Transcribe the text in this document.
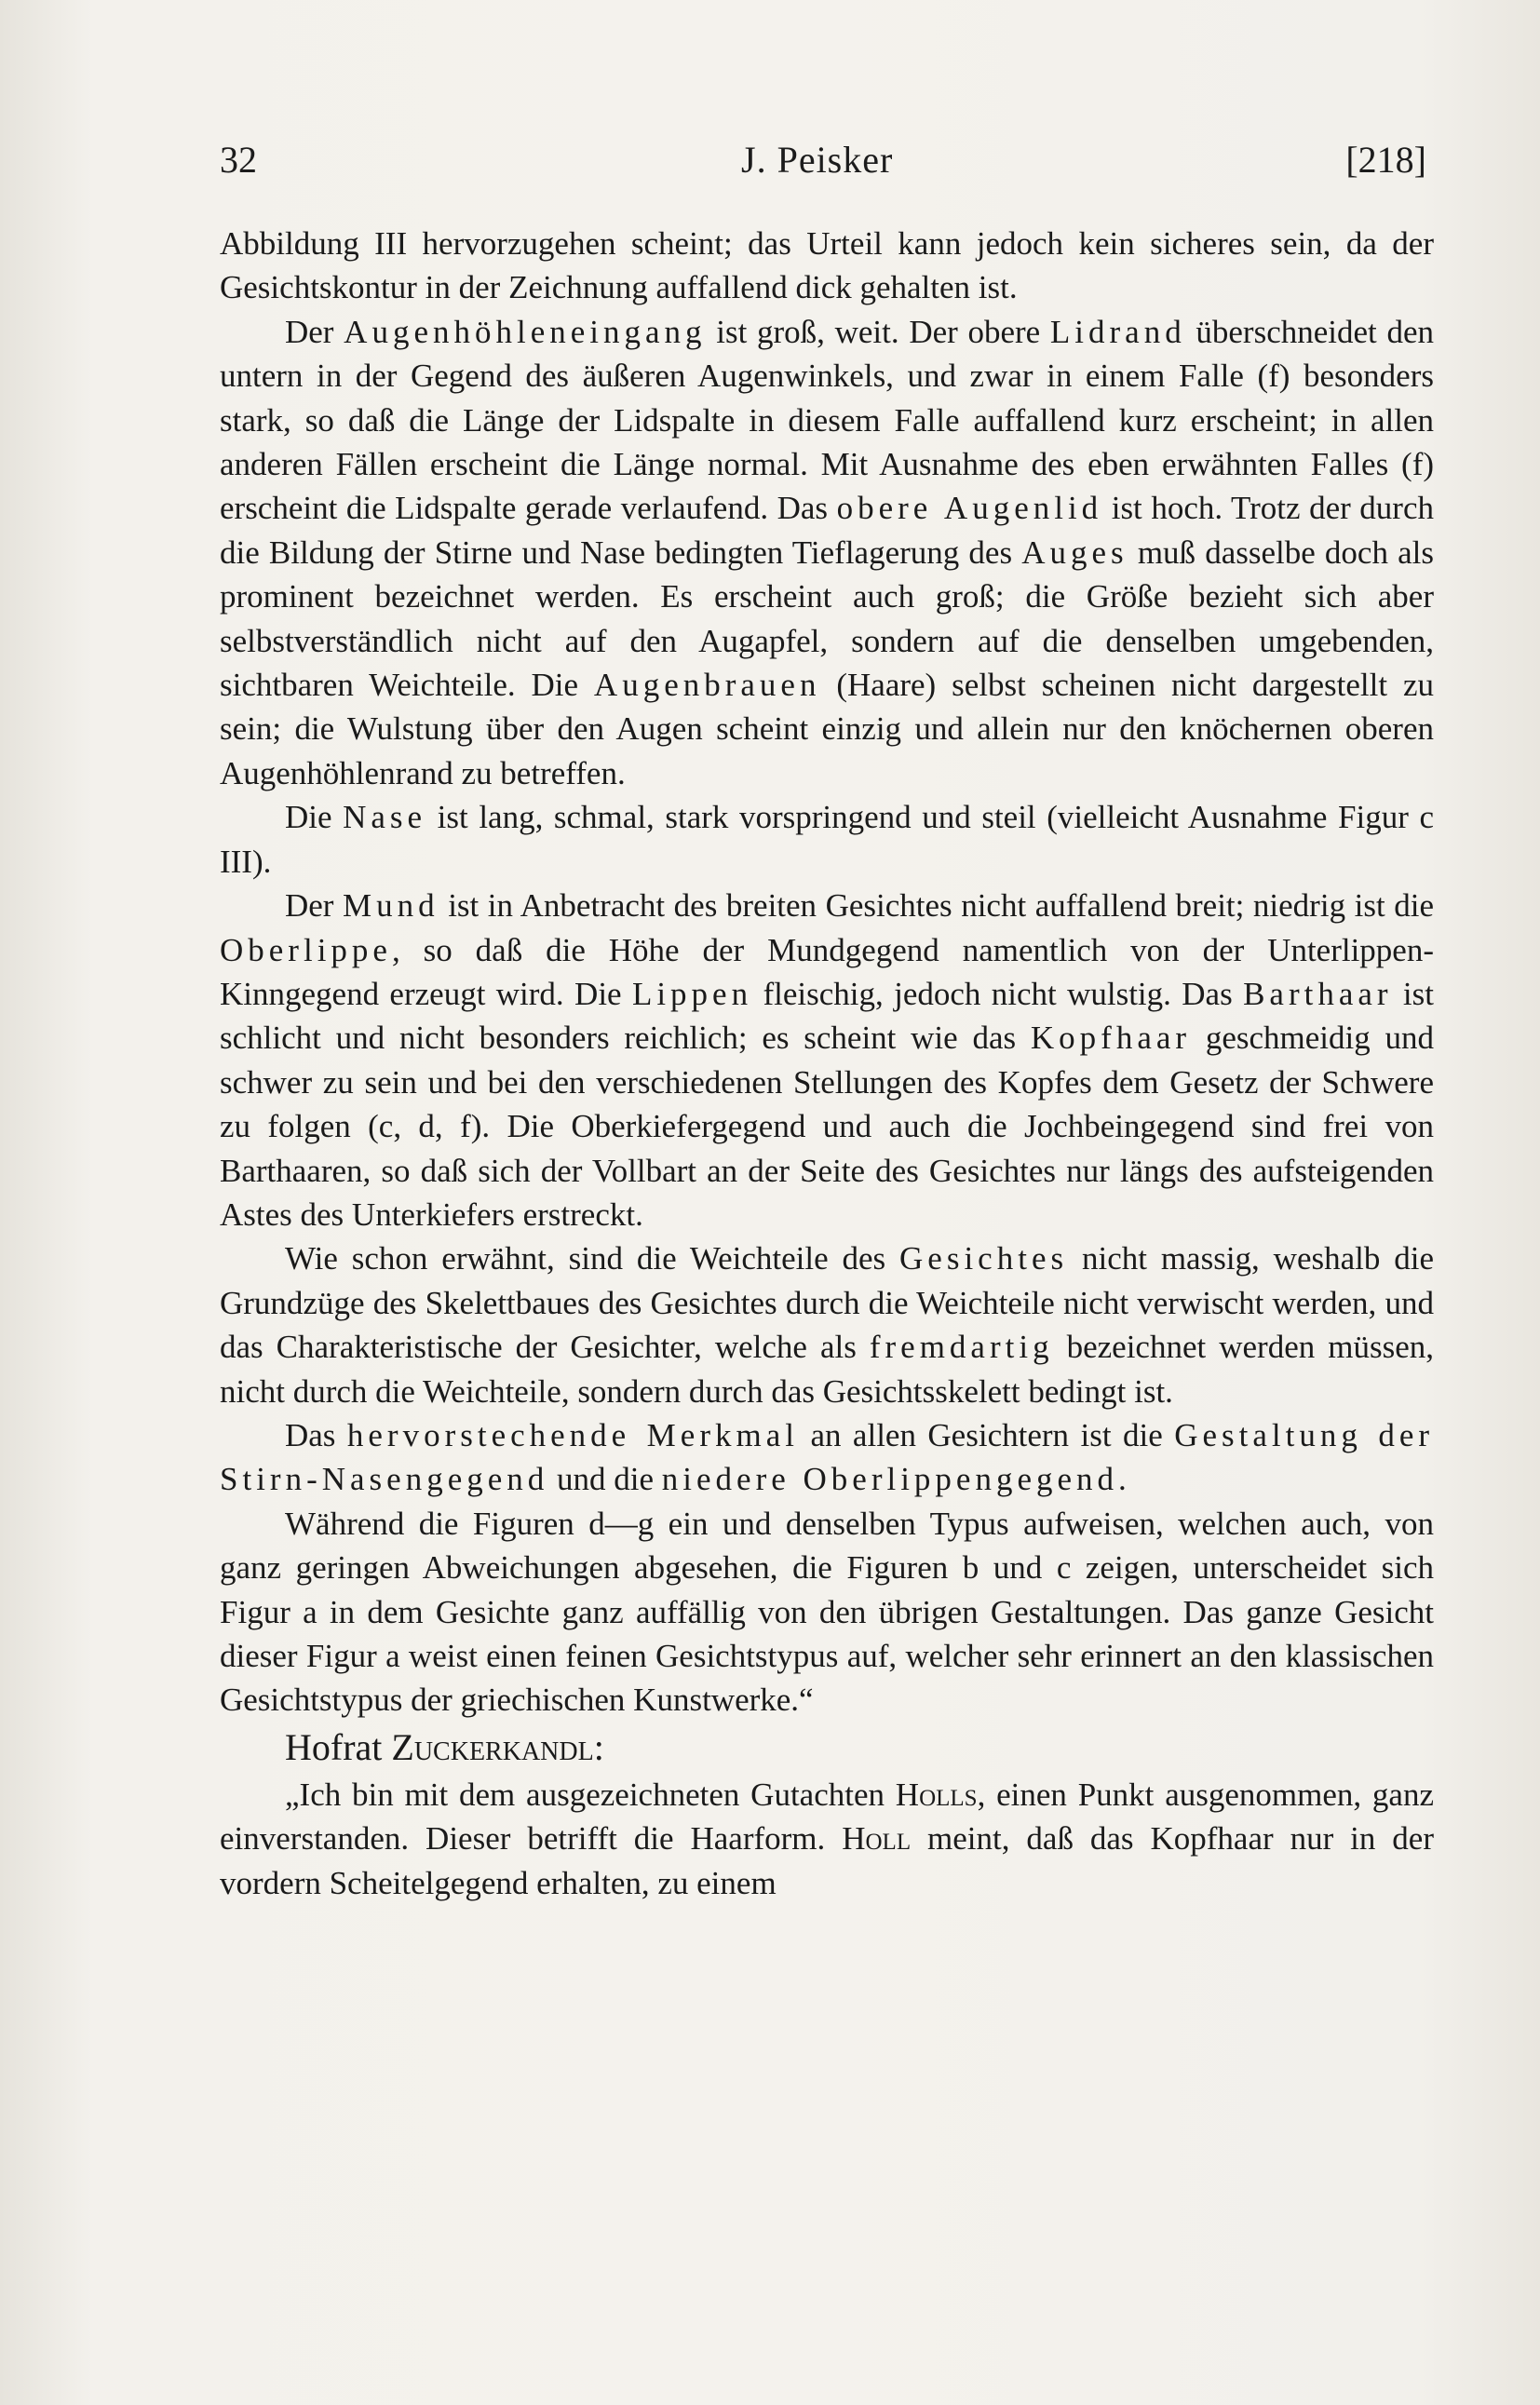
32	J. Peisker	[218]

Abbildung III hervorzugehen scheint; das Urteil kann jedoch kein sicheres sein, da der Gesichtskontur in der Zeichnung auffallend dick gehalten ist.

Der Augenhöhleneingang ist groß, weit. Der obere Lidrand überschneidet den untern in der Gegend des äußeren Augenwinkels, und zwar in einem Falle (f) besonders stark, so daß die Länge der Lidspalte in diesem Falle auffallend kurz erscheint; in allen anderen Fällen erscheint die Länge normal. Mit Ausnahme des eben erwähnten Falles (f) erscheint die Lidspalte gerade verlaufend. Das obere Augenlid ist hoch. Trotz der durch die Bildung der Stirne und Nase bedingten Tieflagerung des Auges muß dasselbe doch als prominent bezeichnet werden. Es erscheint auch groß; die Größe bezieht sich aber selbstverständlich nicht auf den Augapfel, sondern auf die denselben umgebenden, sichtbaren Weichteile. Die Augenbrauen (Haare) selbst scheinen nicht dargestellt zu sein; die Wulstung über den Augen scheint einzig und allein nur den knöchernen oberen Augenhöhlenrand zu betreffen.

Die Nase ist lang, schmal, stark vorspringend und steil (vielleicht Ausnahme Figur c III).

Der Mund ist in Anbetracht des breiten Gesichtes nicht auffallend breit; niedrig ist die Oberlippe, so daß die Höhe der Mundgegend namentlich von der Unterlippen-Kinngegend erzeugt wird. Die Lippen fleischig, jedoch nicht wulstig. Das Barthaar ist schlicht und nicht besonders reichlich; es scheint wie das Kopfhaar geschmeidig und schwer zu sein und bei den verschiedenen Stellungen des Kopfes dem Gesetz der Schwere zu folgen (c, d, f). Die Oberkiefergegend und auch die Jochbeingegend sind frei von Barthaaren, so daß sich der Vollbart an der Seite des Gesichtes nur längs des aufsteigenden Astes des Unterkiefers erstreckt.

Wie schon erwähnt, sind die Weichteile des Gesichtes nicht massig, weshalb die Grundzüge des Skelettbaues des Gesichtes durch die Weichteile nicht verwischt werden, und das Charakteristische der Gesichter, welche als fremdartig bezeichnet werden müssen, nicht durch die Weichteile, sondern durch das Gesichtsskelett bedingt ist.

Das hervorstechende Merkmal an allen Gesichtern ist die Gestaltung der Stirn-Nasengegend und die niedere Oberlippengegend.

Während die Figuren d—g ein und denselben Typus aufweisen, welchen auch, von ganz geringen Abweichungen abgesehen, die Figuren b und c zeigen, unterscheidet sich Figur a in dem Gesichte ganz auffällig von den übrigen Gestaltungen. Das ganze Gesicht dieser Figur a weist einen feinen Gesichtstypus auf, welcher sehr erinnert an den klassischen Gesichtstypus der griechischen Kunstwerke.“

Hofrat Zuckerkandl:

„Ich bin mit dem ausgezeichneten Gutachten Holls, einen Punkt ausgenommen, ganz einverstanden. Dieser betrifft die Haarform. Holl meint, daß das Kopfhaar nur in der vordern Scheitelgegend erhalten, zu einem
